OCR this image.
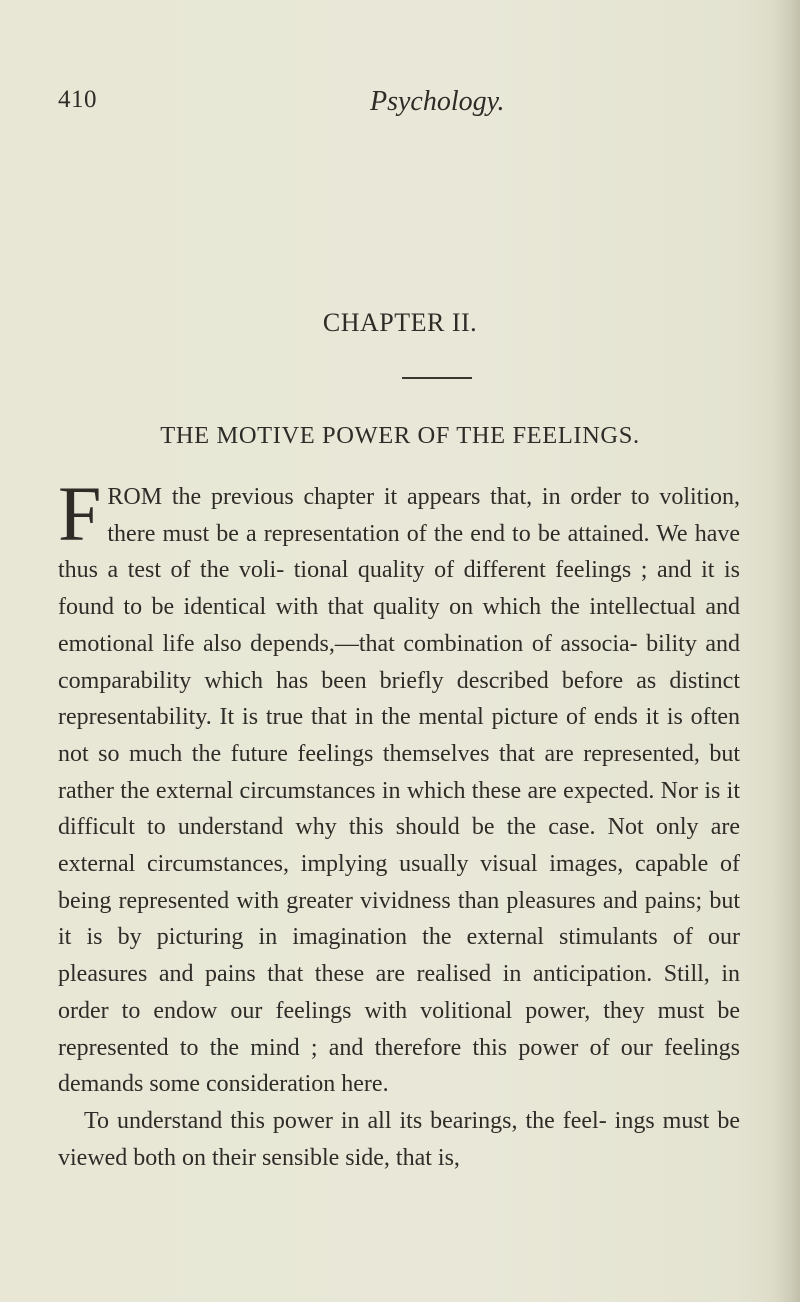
410	Psychology.
CHAPTER II.
THE MOTIVE POWER OF THE FEELINGS.

FROM the previous chapter it appears that, in order to volition, there must be a representation of the end to be attained. We have thus a test of the voli- tional quality of different feelings ; and it is found to be identical with that quality on which the intellectual and emotional life also depends,—that combination of associa- bility and comparability which has been briefly described before as distinct representability. It is true that in the mental picture of ends it is often not so much the future feelings themselves that are represented, but rather the external circumstances in which these are expected. Nor is it difficult to understand why this should be the case. Not only are external circumstances, implying usually visual images, capable of being represented with greater vividness than pleasures and pains; but it is by picturing in imagination the external stimulants of our pleasures and pains that these are realised in anticipation. Still, in order to endow our feelings with volitional power, they must be represented to the mind ; and therefore this power of our feelings demands some consideration here.

To understand this power in all its bearings, the feel- ings must be viewed both on their sensible side, that is,
